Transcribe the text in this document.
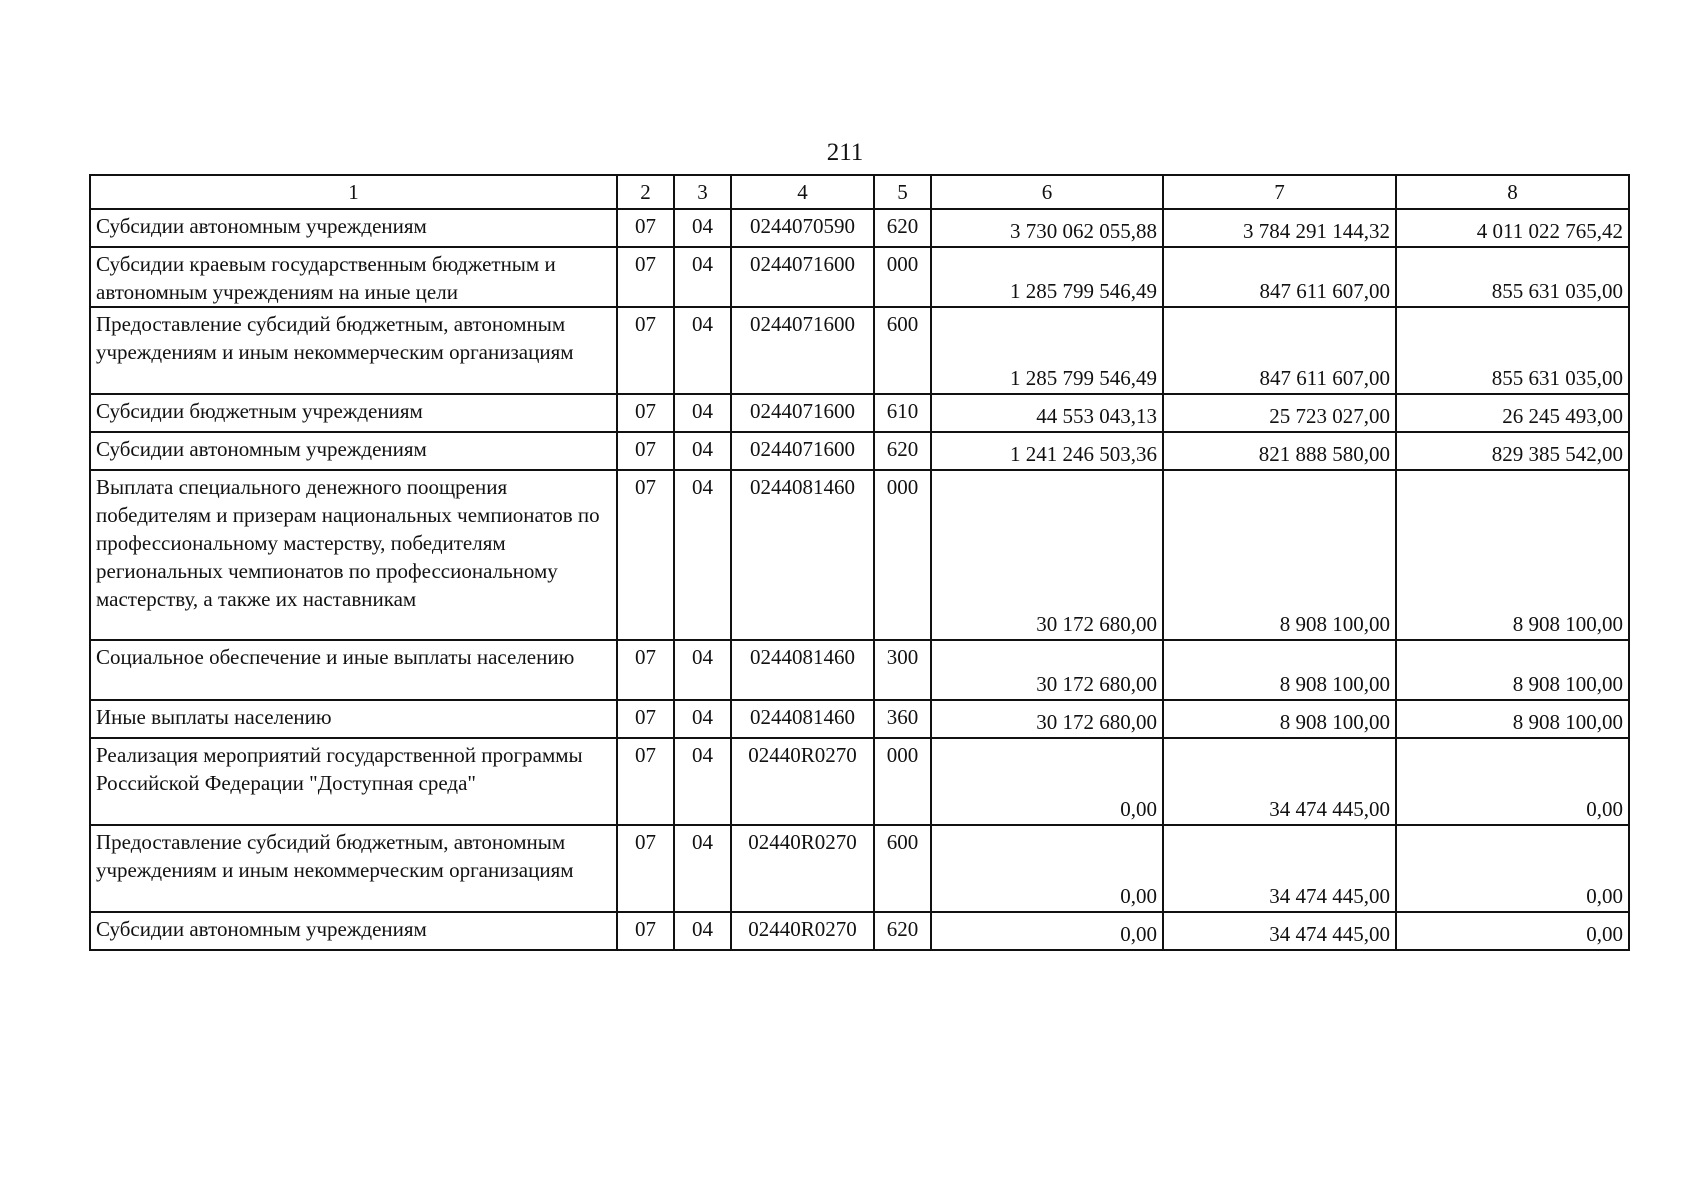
211
1	2	3	4	5	6	7	8
Субсидии автономным учреждениям	07	04	0244070590	620	3 730 062 055,88	3 784 291 144,32	4 011 022 765,42
Субсидии краевым государственным бюджетным и автономным учреждениям на иные цели	07	04	0244071600	000	1 285 799 546,49	847 611 607,00	855 631 035,00
Предоставление субсидий бюджетным, автономным учреждениям и иным некоммерческим организациям	07	04	0244071600	600	1 285 799 546,49	847 611 607,00	855 631 035,00
Субсидии бюджетным учреждениям	07	04	0244071600	610	44 553 043,13	25 723 027,00	26 245 493,00
Субсидии автономным учреждениям	07	04	0244071600	620	1 241 246 503,36	821 888 580,00	829 385 542,00
Выплата специального денежного поощрения победителям и призерам национальных чемпионатов по профессиональному мастерству, победителям региональных чемпионатов по профессиональному мастерству, а также их наставникам	07	04	0244081460	000	30 172 680,00	8 908 100,00	8 908 100,00
Социальное обеспечение и иные выплаты населению	07	04	0244081460	300	30 172 680,00	8 908 100,00	8 908 100,00
Иные выплаты населению	07	04	0244081460	360	30 172 680,00	8 908 100,00	8 908 100,00
Реализация мероприятий государственной программы Российской Федерации "Доступная среда"	07	04	02440R0270	000	0,00	34 474 445,00	0,00
Предоставление субсидий бюджетным, автономным учреждениям и иным некоммерческим организациям	07	04	02440R0270	600	0,00	34 474 445,00	0,00
Субсидии автономным учреждениям	07	04	02440R0270	620	0,00	34 474 445,00	0,00
